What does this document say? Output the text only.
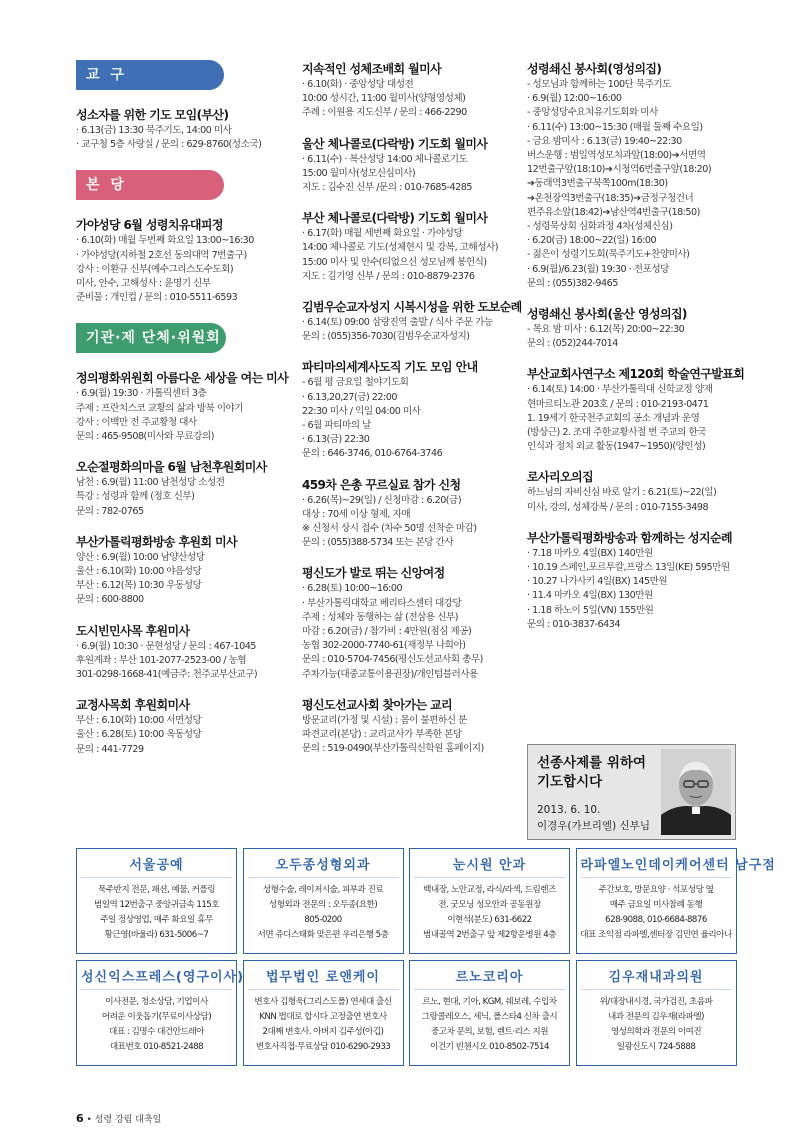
교 구
성소자를 위한 기도 모임(부산)
· 6.13(금) 13:30 묵주기도, 14:00 미사
· 교구청 5층 사랑실 / 문의 : 629-8760(성소국)
본 당
가야성당 6월 성령치유대피정
· 6.10(화) 매월 두번째 화요일 13:00~16:30
· 가야성당(지하철 2호선 동의대역 7번출구)
강사 : 이환규 신부(예수그리스도수도회)
미사, 안수, 고해성사 : 윤명기 신부
준비물 : 개인컵 / 문의 : 010-5511-6593
기관·제 단체·위원회
정의평화위원회 아름다운 세상을 여는 미사
· 6.9(월) 19:30 · 가톨릭센터 3층
주제 : 프란치스코 교황의 삶과 방북 이야기
강사 : 이백만 전 주교황청 대사
문의 : 465-9508(미사와 무료강의)
오순절평화의마을 6월 남천후원회미사
남천 : 6.9(월) 11:00 남천성당 소성전
특강 : 성령과 함께 (정호 신부)
문의 : 782-0765
부산가톨릭평화방송 후원회 미사
양산 : 6.9(월) 10:00 남양산성당
울산 : 6.10(화) 10:00 야음성당
부산 : 6.12(목) 10:30 우동성당
문의 : 600-8800
도시빈민사목 후원미사
· 6.9(월) 10:30 · 문현성당 / 문의 : 467-1045
후원계좌 : 부산 101-2077-2523-00 / 농협
301-0298-1668-41(예금주: 천주교부산교구)
교정사목회 후원회미사
부산 : 6.10(화) 10:00 서면성당
울산 : 6.28(토) 10:00 옥동성당
문의 : 441-7729
지속적인 성체조배회 월미사
· 6.10(화) · 중앙성당 대성전
10:00 성시간, 11:00 월미사(양형영성체)
주례 : 이원용 지도신부 / 문의 : 466-2290
울산 체나콜로(다락방) 기도회 월미사
· 6.11(수) · 복산성당 14:00 체나콜로기도
15:00 월미사(성모신심미사)
지도 : 김수진 신부 /문의 : 010-7685-4285
부산 체나콜로(다락방) 기도회 월미사
· 6.17(화) 매월 세번째 화요일 · 가야성당
14:00 체나콜로 기도(성체현시 및 강복, 고해성사)
15:00 미사 및 안수(티없으신 성모님께 봉헌식)
지도 : 김기영 신부 / 문의 : 010-8879-2376
김범우순교자성지 시복시성을 위한 도보순례
· 6.14(토) 09:00 삼랑진역 출발 / 식사 주문 가능
문의 : (055)356-7030(김범우순교자성지)
파티마의세계사도직 기도 모임 안내
- 6월 평 금요일 철야기도회
· 6.13,20,27(금) 22:00
22:30 미사 / 익일 04:00 미사
- 6월 파티마의 날
· 6.13(금) 22:30
문의 : 646-3746, 010-6764-3746
459차 은총 꾸르실료 참가 신청
· 6.26(목)~29(일) / 신청마감 : 6.20(금)
대상 : 70세 이상 형제, 자매
※ 신청서 상시 접수 (차수 50명 선착순 마감)
문의 : (055)388-5734 또는 본당 간사
평신도가 발로 뛰는 신앙여정
· 6.28(토) 10:00~16:00
· 부산가톨릭대학교 베리타스센터 대강당
주제 : 성체와 동행하는 삶 (전삼용 신부)
마감 : 6.20(금) / 참가비 : 4만원(점심 제공)
농협 302-2000-7740-61(재정부 나희아)
문의 : 010-5704-7456(평신도선교사회 총무)
주차가능(대중교통이용권장)/개인텀블러사용
평신도선교사회 찾아가는 교리
방문교리(가정 및 시설) : 몸이 불편하신 분
파견교리(본당) : 교리교사가 부족한 본당
문의 : 519-0490(부산가톨릭신학원 홈페이지)
성령쇄신 봉사회(영성의집)
- 성모님과 함께하는 100단 묵주기도
· 6.9(월) 12:00~16:00
- 중앙성당수요치유기도회와 미사
· 6.11(수) 13:00~15:30 (매월 둘째 수요일)
- 금요 밤미사 : 6.13(금) 19:40~22:30
버스운행 : 범일역성모치과앞(18:00)➔서면역
12번출구앞(18:10)➔시청역6번출구앞(18:20)
➔동래역3번출구북쪽100m(18:30)
➔온천장역3번출구(18:35)➔금정구청건너
편주유소앞(18:42)➔남산역4번출구(18:50)
- 성령묵상회 심화과정 4차(성체신심)
· 6.20(금) 18:00~22(일) 16:00
- 젊은이 성령기도회(묵주기도+찬양미사)
· 6.9(월)/6.23(월) 19:30 · 전포성당
문의 : (055)382-9465
성령쇄신 봉사회(울산 영성의집)
- 목요 밤 미사 : 6.12(목) 20:00~22:30
문의 : (052)244-7014
부산교회사연구소 제120회 학술연구발표회
· 6.14(토) 14:00 · 부산가톨릭대 신학교정 양재
현마르티노관 203호 / 문의 : 010-2193-0471
1. 19세기 한국천주교회의 공소 개념과 운영
(방상근) 2. 조대 주한교황사절 번 주교의 한국
인식과 정치 외교 활동(1947~1950)(양인성)
로사리오의집
하느님의 자비신심 바로 알기 : 6.21(토)~22(일)
미사, 강의, 성체강복 / 문의 : 010-7155-3498
부산가톨릭평화방송과 함께하는 성지순례
· 7.18 마카오 4일(BX) 140만원
· 10.19 스페인,포르투칼,프랑스 13일(KE) 595만원
· 10.27 나가사키 4일(BX) 145만원
· 11.4 마카오 4일(BX) 130만원
· 1.18 하노이 5일(VN) 155만원
문의 : 010-3837-6434
선종사제를 위하여
기도합시다
2013. 6. 10.
이경우(가브리엘) 신부님
서울공예
묵주반지 전문, 패션, 예물, 커플링
범일역 12번출구 중앙귀금속 115호
주일 정상영업, 매주 화요일 휴무
황근영(바울라) 631-5006~7
오두종성형외과
성형수술, 레이저시술, 피부과 진료
성형외과 전문의 : 오두종(요한)
805-0200
서면 쥬디스태화 맞은편 우리은행 5층
눈시원 안과
백내장, 노안교정, 라식/라섹, 드림렌즈
전. 굿모닝 성모안과 공동원장
이현석(분도) 631-6622
범내골역 2번출구 앞 제2항운병원 4층
라파엘노인데이케어센터 남구점
주간보호, 방문요양 · 석포성당 옆
매주 금요일 미사참례 동행
628-9088, 010-6684-8876
대표 조익점 라파엘,센터장 김민연 율리아나
성신익스프레스(영구이사)
이사전문, 청소상담, 기업이사
어려운 이웃돕기(무료이사상담)
대표 : 김명수 대건안드레아
대표번호 010-8521-2488
법무법인 로앤케이
변호사 김형욱(그리스도폴) 연세대 출신
KNN 법대로 합시다 고정출연 변호사
2대째 변호사. 아버지 김주성(아깁)
변호사직접·무료상담 010-6290-2933
르노코리아
르노, 현대, 기아, KGM, 쉐보레, 수입차
그랑콜레오스, 세닉, 폴스타4 신차 출시
중고차 문의, 보험, 렌트·리스 지원
이건기 빈첸시오 010-8502-7514
김우재내과의원
위/대장내시경, 국가검진, 초음파
내과 전문의 김우재(라파엘)
영성의학과 전문의 이여진
일광신도시 724-5888
6 • 성령 강림 대축일
